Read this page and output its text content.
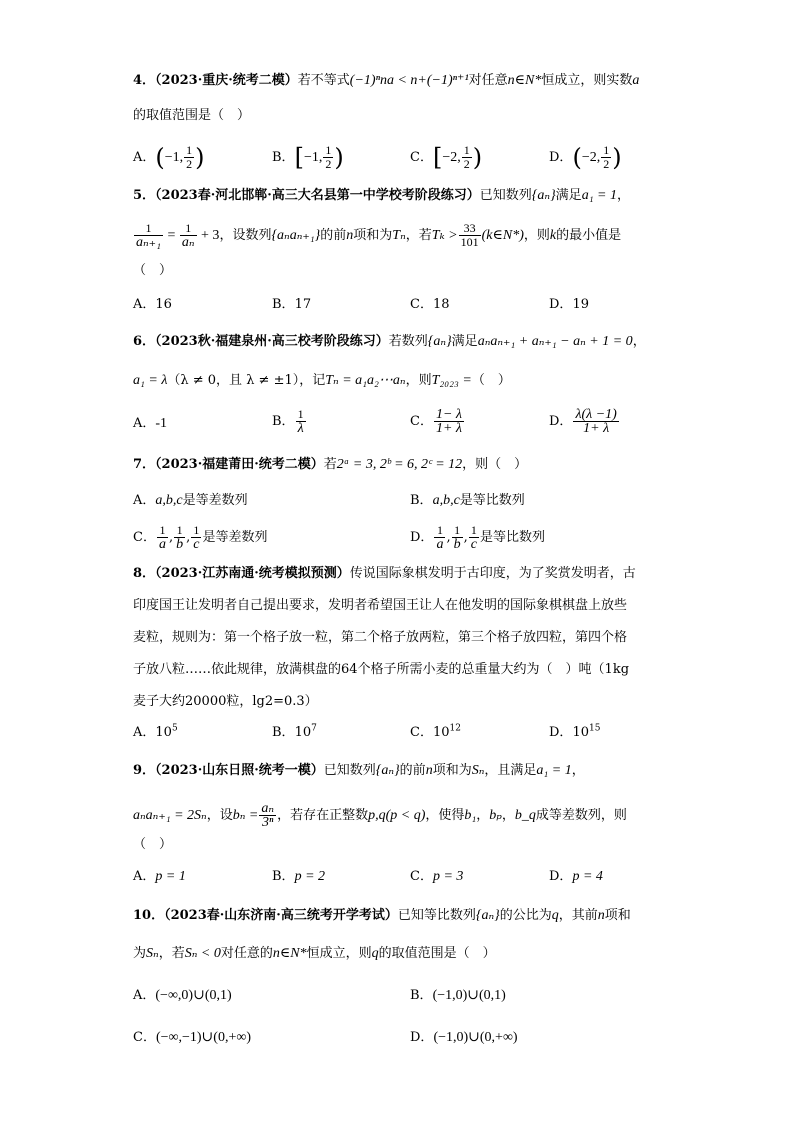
4．（2023·重庆·统考二模）若不等式(−1)ⁿna < n+(−1)ⁿ⁺¹对任意n∈N*恒成立，则实数a
的取值范围是（　）
A．(−1, $\frac{1}{2}$ )	B．[−1, $\frac{1}{2}$ )	C．[−2, $\frac{1}{2}$ )	D．(−2, $\frac{1}{2}$ )
5．（2023春·河北邯郸·高三大名县第一中学校考阶段练习）已知数列{aₙ}满足a₁ = 1，
$\frac{1}{\text{aₙ₊₁}} = \frac{1}{\text{aₙ}} + 3$，设数列{aₙaₙ₊₁}的前n项和为Tₙ，若$T_k > \frac{33}{101}$ (k∈N*)，则k的最小值是
（　）
A．16	B．17	C．18	D．19
6．（2023秋·福建泉州·高三校考阶段练习）若数列{aₙ}满足aₙaₙ₊₁ + aₙ₊₁ − aₙ + 1 = 0，
a₁ = λ（λ ≠ 0，且 λ ≠ ±1），记Tₙ = a₁a₂⋯aₙ，则T₂₀₂₃ =（　）
A．-1	B． $\frac{1}{\lambda}$	C． $\frac{1- \lambda}{1+ \lambda}$	D． $\frac{\lambda(\lambda -1)}{1+ \lambda}$
7．（2023·福建莆田·统考二模）若2ᵃ = 3, 2ᵇ = 6, 2ᶜ = 12，则（　）
A．a,b,c是等差数列	B．a,b,c是等比数列
C． $\frac{1}{a}$ , $\frac{1}{b}$ , $\frac{1}{c}$ 是等差数列	D． $\frac{1}{a}$ , $\frac{1}{b}$ , $\frac{1}{c}$ 是等比数列
8．（2023·江苏南通·统考模拟预测）传说国际象棋发明于古印度，为了奖赏发明者，古
印度国王让发明者自己提出要求，发明者希望国王让人在他发明的国际象棋棋盘上放些
麦粒，规则为：第一个格子放一粒，第二个格子放两粒，第三个格子放四粒，第四个格
子放八粒……依此规律，放满棋盘的64个格子所需小麦的总重量大约为（　）吨（1kg
麦子大约20000粒，lg2=0.3）
A．$10^5$	B．$10^7$	C．$10^{12}$	D．$10^{15}$
9．（2023·山东日照·统考一模）已知数列{aₙ}的前n项和为Sₙ，且满足a₁ = 1，
aₙaₙ₊₁ = 2Sₙ，设$b_n = \frac{\text{aₙ}}{\text{3ⁿ}}$ ，若存在正整数p,q(p < q)，使得b₁，bₚ，b_q成等差数列，则
（　）
A．p = 1	B．p = 2	C．p = 3	D．p = 4
10．（2023春·山东济南·高三统考开学考试）已知等比数列{aₙ}的公比为q，其前n项和
为Sₙ，若Sₙ < 0对任意的n∈N*恒成立，则q的取值范围是（　）
A．(−∞,0)∪(0,1)	B．(−1,0)∪(0,1)
C．(−∞,−1)∪(0,+∞)	D．(−1,0)∪(0,+∞)
